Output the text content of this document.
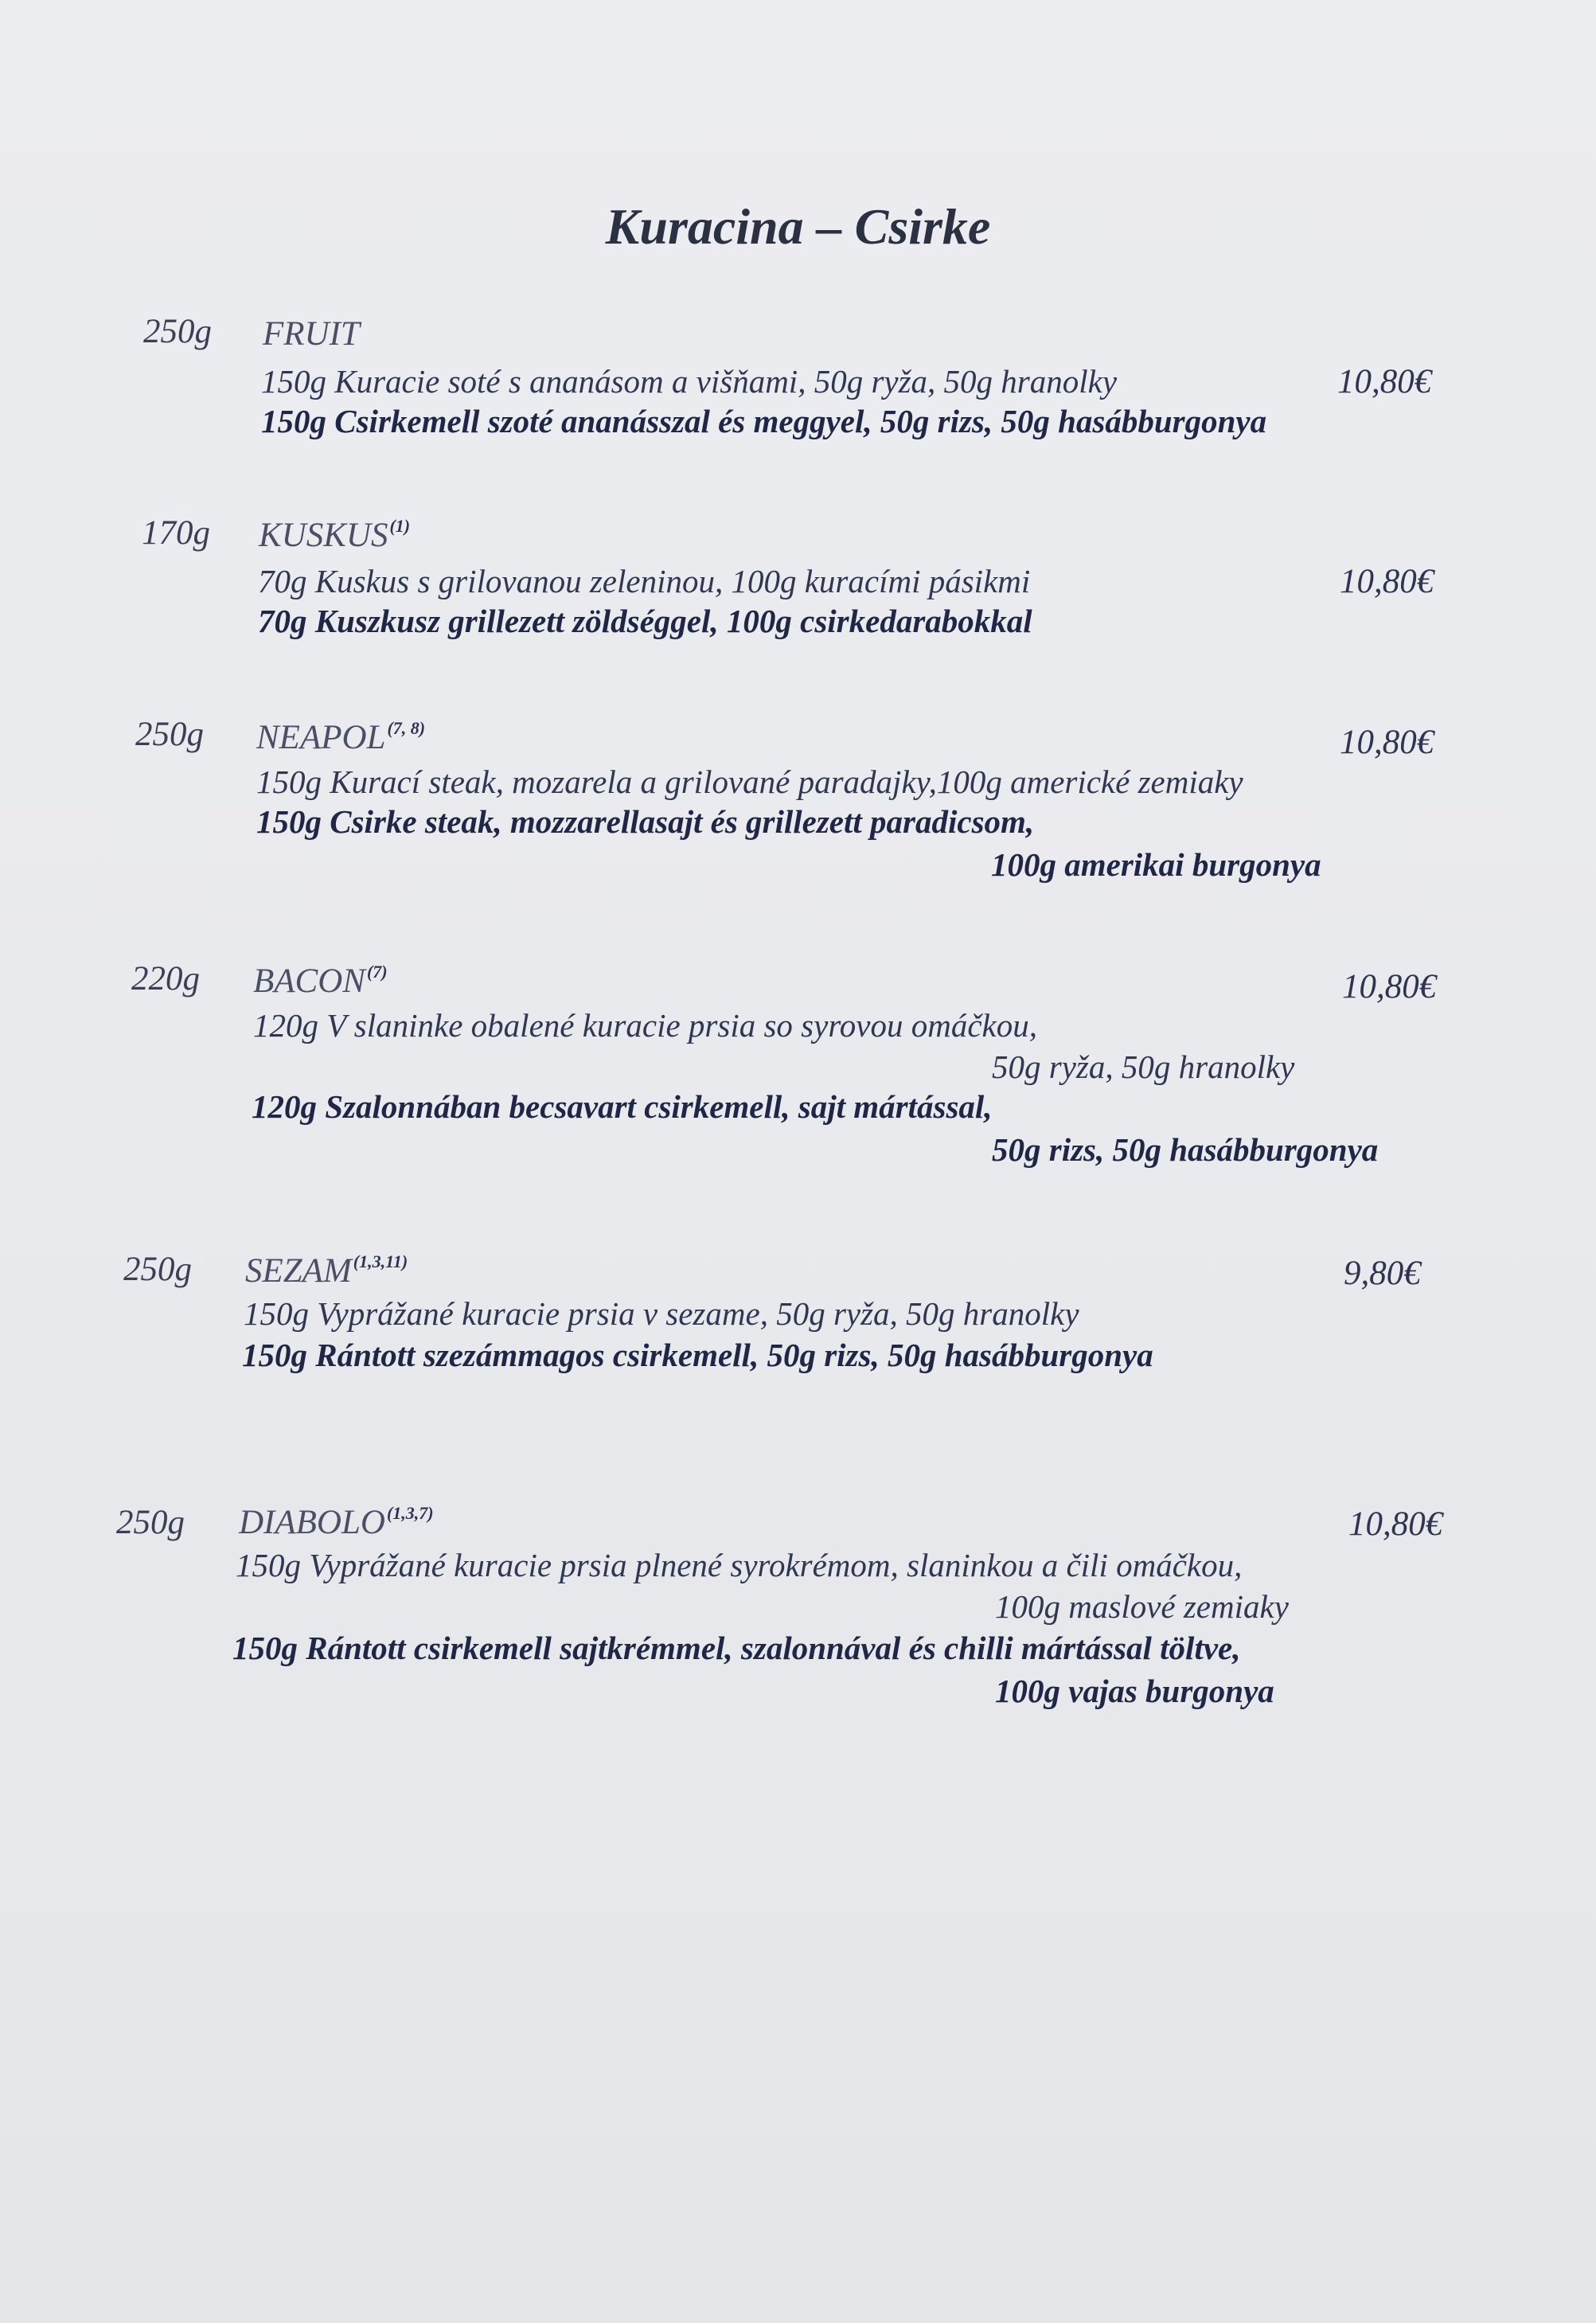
Kuracina – Csirke
250g FRUIT
150g Kuracie soté s ananásom a višňami, 50g ryža, 50g hranolky	10,80€
150g Csirkemell szoté ananásszal és meggyel, 50g rizs, 50g hasábburgonya
170g KUSKUS$^{(1)}$
70g Kuskus s grilovanou zeleninou, 100g kuracími pásikmi	10,80€
70g Kuszkusz grillezett zöldséggel, 100g csirkedarabokkal
250g NEAPOL$^{(7, 8)}$	10,80€
150g Kurací steak, mozarela a grilované paradajky,100g americké zemiaky
150g Csirke steak, mozzarellasajt és grillezett paradicsom,
100g amerikai burgonya
220g BACON$^{(7)}$	10,80€
120g V slaninke obalené kuracie prsia so syrovou omáčkou,
50g ryža, 50g hranolky
120g Szalonnában becsavart csirkemell, sajt mártással,
50g rizs, 50g hasábburgonya
250g SEZAM$^{(1,3,11)}$	9,80€
150g Vyprážané kuracie prsia v sezame, 50g ryža, 50g hranolky
150g Rántott szezámmagos csirkemell, 50g rizs, 50g hasábburgonya
250g DIABOLO$^{(1,3,7)}$	10,80€
150g Vyprážané kuracie prsia plnené syrokrémom, slaninkou a čili omáčkou,
100g maslové zemiaky
150g Rántott csirkemell sajtkrémmel, szalonnával és chilli mártással töltve,
100g vajas burgonya
